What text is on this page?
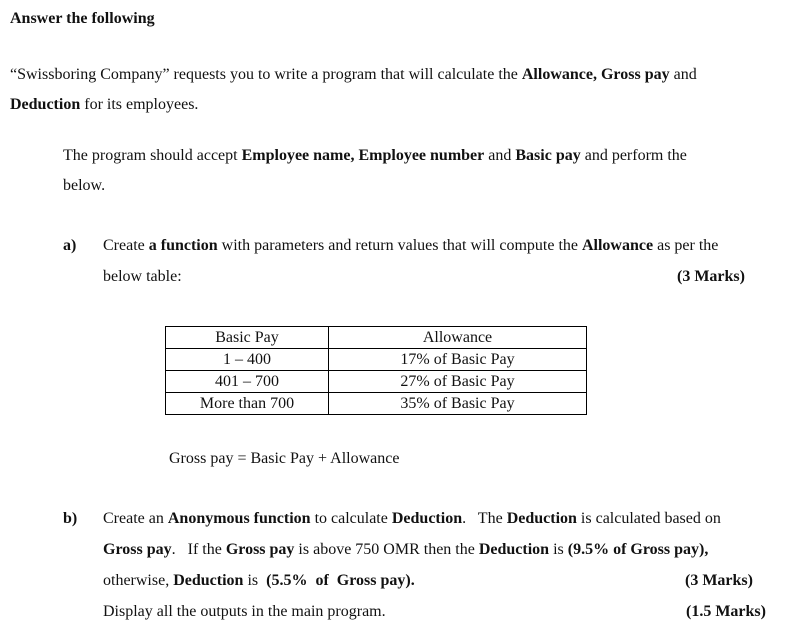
Answer the following
“Swissboring Company” requests you to write a program that will calculate the Allowance, Gross pay and
Deduction for its employees.
The program should accept Employee name, Employee number and Basic pay and perform the
below.
a) Create a function with parameters and return values that will compute the Allowance as per the
below table:	(3 Marks)
Basic Pay	Allowance
1 – 400	17% of Basic Pay
401 – 700	27% of Basic Pay
More than 700	35% of Basic Pay
Gross pay = Basic Pay + Allowance
b) Create an Anonymous function to calculate Deduction.   The Deduction is calculated based on
Gross pay.   If the Gross pay is above 750 OMR then the Deduction is (9.5% of Gross pay),
otherwise, Deduction is  (5.5%  of  Gross pay).	(3 Marks)
Display all the outputs in the main program.	(1.5 Marks)
